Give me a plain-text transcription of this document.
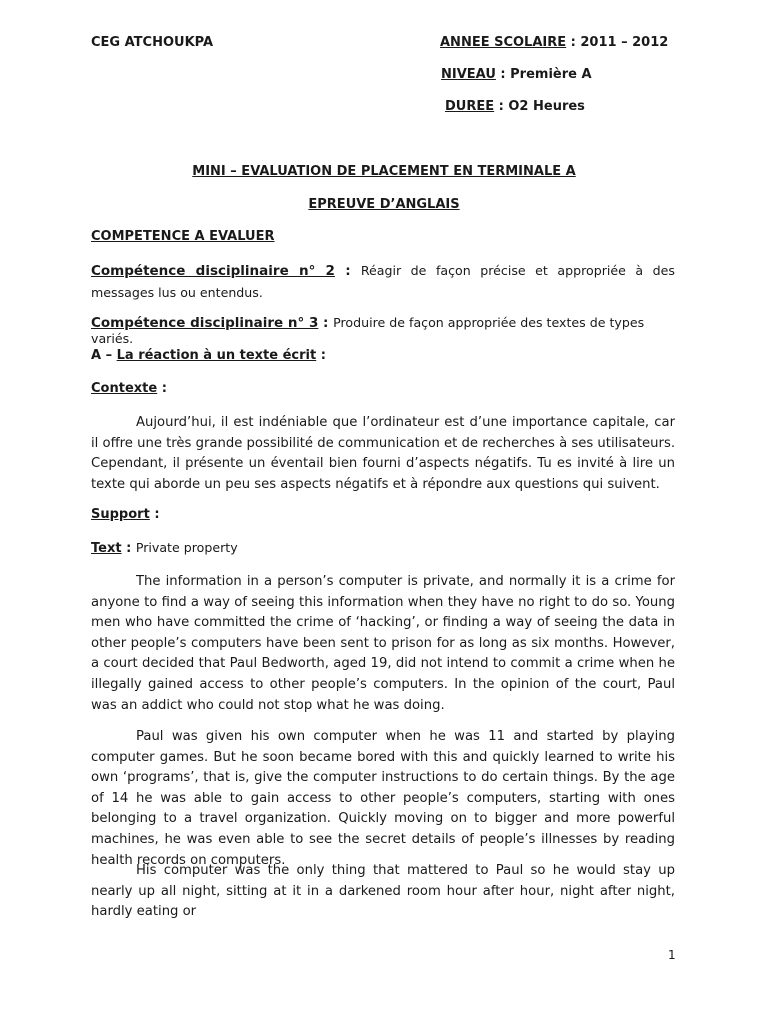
CEG ATCHOUKPA	ANNEE SCOLAIRE : 2011 – 2012
NIVEAU : Première A
DUREE : O2 Heures
MINI – EVALUATION DE PLACEMENT EN TERMINALE A
EPREUVE D’ANGLAIS
COMPETENCE A EVALUER

Compétence disciplinaire n° 2 : Réagir de façon précise et appropriée à des messages lus ou entendus.

Compétence disciplinaire n° 3 : Produire de façon appropriée des textes de types variés.

A – La réaction à un texte écrit :
Contexte :

Aujourd’hui, il est indéniable que l’ordinateur est d’une importance capitale, car il offre une très grande possibilité de communication et de recherches à ses utilisateurs. Cependant, il présente un éventail bien fourni d’aspects négatifs. Tu es invité à lire un texte qui aborde un peu ses aspects négatifs et à répondre aux questions qui suivent.

Support :
Text : Private property

The information in a person’s computer is private, and normally it is a crime for anyone to find a way of seeing this information when they have no right to do so. Young men who have committed the crime of ‘hacking’, or finding a way of seeing the data in other people’s computers have been sent to prison for as long as six months. However, a court decided that Paul Bedworth, aged 19, did not intend to commit a crime when he illegally gained access to other people’s computers. In the opinion of the court, Paul was an addict who could not stop what he was doing.

Paul was given his own computer when he was 11 and started by playing computer games. But he soon became bored with this and quickly learned to write his own ‘programs’, that is, give the computer instructions to do certain things. By the age of 14 he was able to gain access to other people’s computers, starting with ones belonging to a travel organization. Quickly moving on to bigger and more powerful machines, he was even able to see the secret details of people’s illnesses by reading health records on computers.

His computer was the only thing that mattered to Paul so he would stay up nearly up all night, sitting at it in a darkened room hour after hour, night after night, hardly eating or

1
